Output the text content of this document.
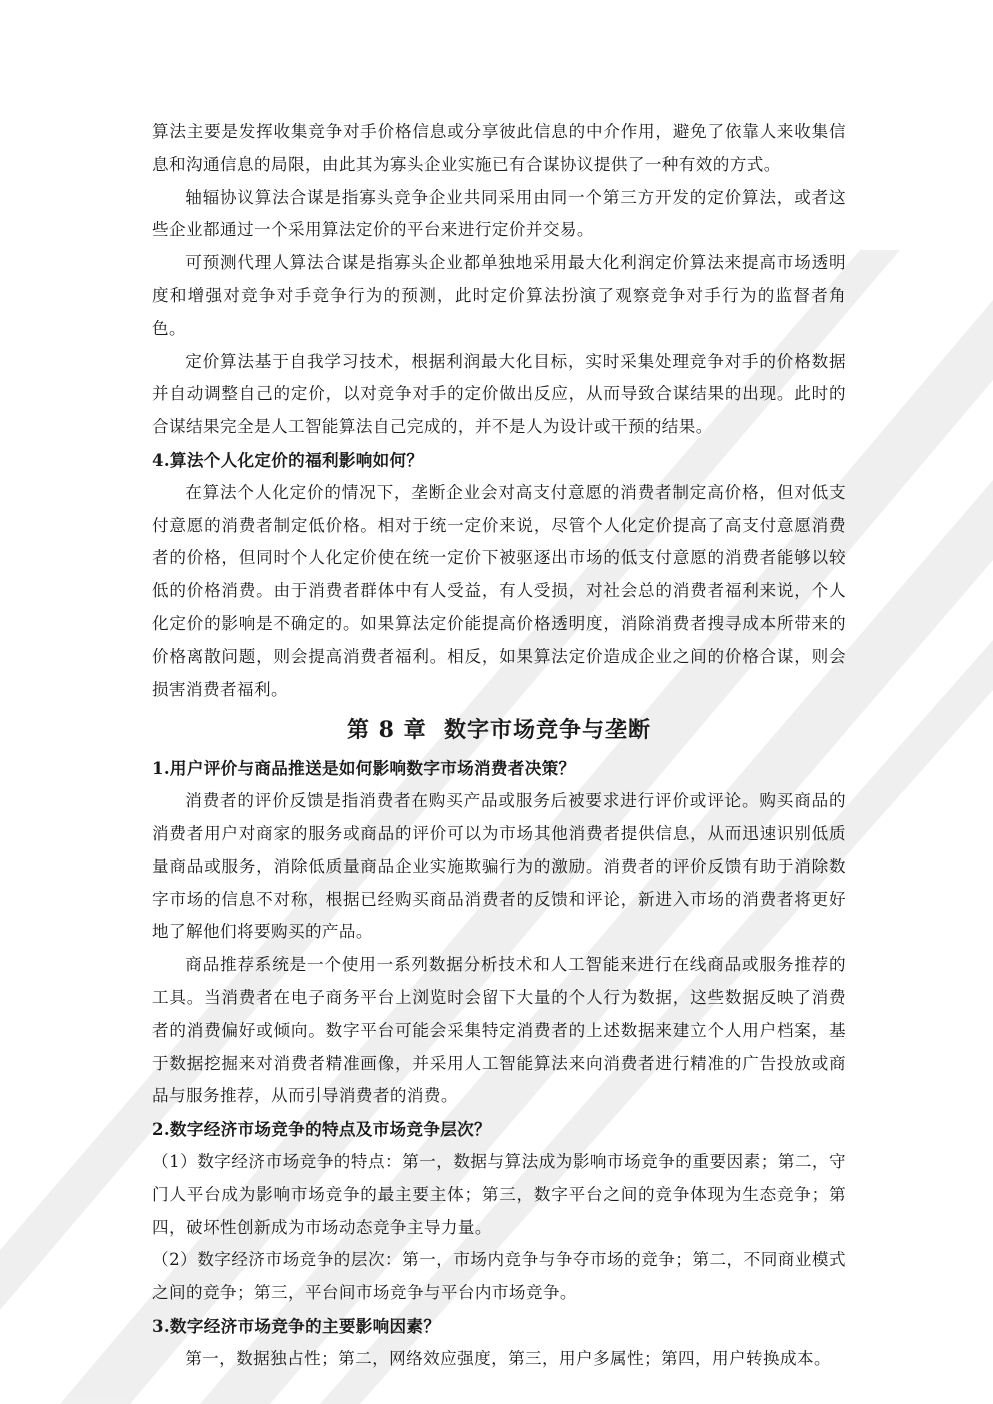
算法主要是发挥收集竞争对手价格信息或分享彼此信息的中介作用，避免了依靠人来收集信息和沟通信息的局限，由此其为寡头企业实施已有合谋协议提供了一种有效的方式。

轴辐协议算法合谋是指寡头竞争企业共同采用由同一个第三方开发的定价算法，或者这些企业都通过一个采用算法定价的平台来进行定价并交易。

可预测代理人算法合谋是指寡头企业都单独地采用最大化利润定价算法来提高市场透明度和增强对竞争对手竞争行为的预测，此时定价算法扮演了观察竞争对手行为的监督者角色。

定价算法基于自我学习技术，根据利润最大化目标，实时采集处理竞争对手的价格数据并自动调整自己的定价，以对竞争对手的定价做出反应，从而导致合谋结果的出现。此时的合谋结果完全是人工智能算法自己完成的，并不是人为设计或干预的结果。

4.算法个人化定价的福利影响如何？

在算法个人化定价的情况下，垄断企业会对高支付意愿的消费者制定高价格，但对低支付意愿的消费者制定低价格。相对于统一定价来说，尽管个人化定价提高了高支付意愿消费者的价格，但同时个人化定价使在统一定价下被驱逐出市场的低支付意愿的消费者能够以较低的价格消费。由于消费者群体中有人受益，有人受损，对社会总的消费者福利来说，个人化定价的影响是不确定的。如果算法定价能提高价格透明度，消除消费者搜寻成本所带来的价格离散问题，则会提高消费者福利。相反，如果算法定价造成企业之间的价格合谋，则会损害消费者福利。

第 8 章 数字市场竞争与垄断

1.用户评价与商品推送是如何影响数字市场消费者决策？

消费者的评价反馈是指消费者在购买产品或服务后被要求进行评价或评论。购买商品的消费者用户对商家的服务或商品的评价可以为市场其他消费者提供信息，从而迅速识别低质量商品或服务，消除低质量商品企业实施欺骗行为的激励。消费者的评价反馈有助于消除数字市场的信息不对称，根据已经购买商品消费者的反馈和评论，新进入市场的消费者将更好地了解他们将要购买的产品。

商品推荐系统是一个使用一系列数据分析技术和人工智能来进行在线商品或服务推荐的工具。当消费者在电子商务平台上浏览时会留下大量的个人行为数据，这些数据反映了消费者的消费偏好或倾向。数字平台可能会采集特定消费者的上述数据来建立个人用户档案，基于数据挖掘来对消费者精准画像，并采用人工智能算法来向消费者进行精准的广告投放或商品与服务推荐，从而引导消费者的消费。

2.数字经济市场竞争的特点及市场竞争层次？

（1）数字经济市场竞争的特点：第一，数据与算法成为影响市场竞争的重要因素；第二，守门人平台成为影响市场竞争的最主要主体；第三，数字平台之间的竞争体现为生态竞争；第四，破坏性创新成为市场动态竞争主导力量。

（2）数字经济市场竞争的层次：第一，市场内竞争与争夺市场的竞争；第二，不同商业模式之间的竞争；第三，平台间市场竞争与平台内市场竞争。

3.数字经济市场竞争的主要影响因素？

第一，数据独占性；第二，网络效应强度，第三，用户多属性；第四，用户转换成本。
